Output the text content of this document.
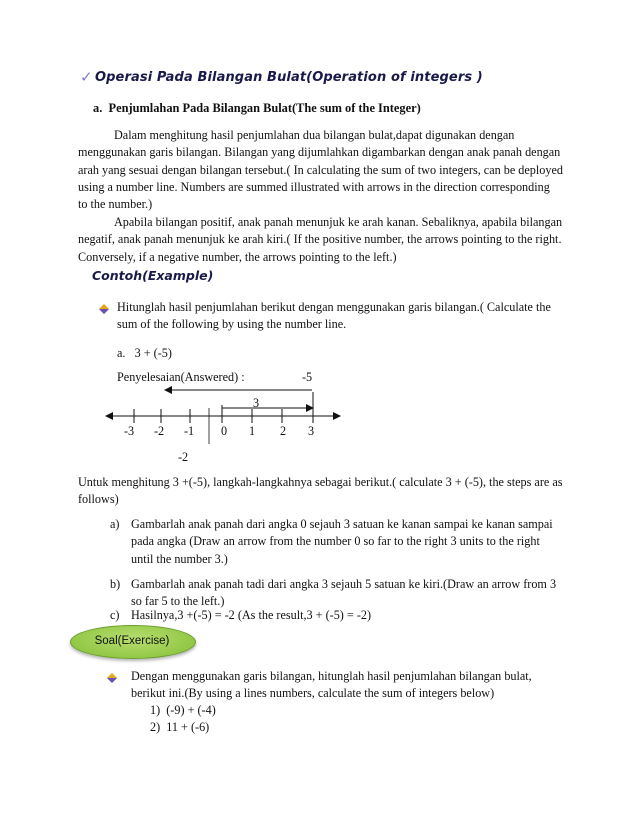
✓ Operasi Pada Bilangan Bulat(Operation of integers )
a. Penjumlahan Pada Bilangan Bulat(The sum of the Integer)
Dalam menghitung hasil penjumlahan dua bilangan bulat,dapat digunakan dengan
menggunakan garis bilangan. Bilangan yang dijumlahkan digambarkan dengan anak panah dengan
arah yang sesuai dengan bilangan tersebut.( In calculating the sum of two integers, can be deployed
using a number line. Numbers are summed illustrated with arrows in the direction corresponding
to the number.)
Apabila bilangan positif, anak panah menunjuk ke arah kanan. Sebaliknya, apabila bilangan
negatif, anak panah menunjuk ke arah kiri.( If the positive number, the arrows pointing to the right.
Conversely, if a negative number, the arrows pointing to the left.)
Contoh(Example)
Hitunglah hasil penjumlahan berikut dengan menggunakan garis bilangan.( Calculate the
sum of the following by using the number line.
a. 3 + (-5)
Penyelesaian(Answered) :	-5
3
-2
-3 -2 -1 0 1 2 3
Untuk menghitung 3 +(-5), langkah-langkahnya sebagai berikut.( calculate 3 + (-5), the steps are as
follows)
a) Gambarlah anak panah dari angka 0 sejauh 3 satuan ke kanan sampai ke kanan sampai
pada angka (Draw an arrow from the number 0 so far to the right 3 units to the right
until the number 3.)
b) Gambarlah anak panah tadi dari angka 3 sejauh 5 satuan ke kiri.(Draw an arrow from 3
so far 5 to the left.)
c) Hasilnya,3 +(-5) = -2 (As the result,3 + (-5) = -2)
Soal(Exercise)
Dengan menggunakan garis bilangan, hitunglah hasil penjumlahan bilangan bulat,
berikut ini.(By using a lines numbers, calculate the sum of integers below)
1) (-9) + (-4)
2) 11 + (-6)
